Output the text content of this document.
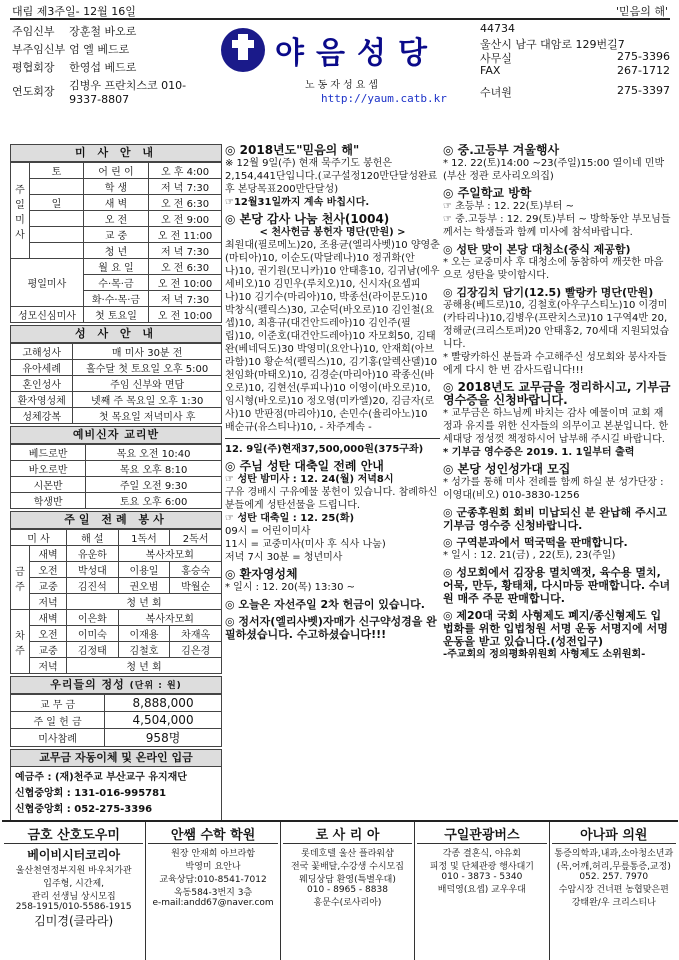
대림 제3주일- 12월 16일	'믿음의 해'
주임신부	장훈철 바오로
부주임신부	엄 엘 베드로
평협회장	한영섭 베드로
연도회장	김병우 프란치스코 010-9337-8807
야음성당
노동자성요셉
http://yaum.catb.kr
44734
울산시 남구 대암로 129번길7
사무실	275-3396
FAX	267-1712
수녀원	275-3397
미 사 안 내
주일미사	토	어 린 이	오 후 4:00
		학 생	저 녁 7:30
	일	새 벽	오 전 6:30
		오 전	오 전 9:00
		교 중	오 전 11:00
		청 년	저 녁 7:30
평일미사		월 요 일	오 전 6:30
		수·목·금	오 전 10:00
		화·수·목·금	저 녁 7:30
성모신심미사		첫 토요일	오 전 10:00
성 사 안 내
고해성사	매 미사 30분 전
유아세례	홀수달 첫 토요일 오후 5:00
혼인성사	주임 신부와 면담
환자영성체	넷째 주 목요일 오후 1:30
성체강복	첫 목요일 저녁미사 후
예비신자 교리반
베드로반	목요 오전 10:40
바오로반	목요 오후 8:10
시몬반	주일 오전 9:30
학생반	토요 오후 6:00
주일 전례 봉사
미 사		해 설	1독서	2독서
금주	새벽	유운하	복사자모회	
	오전	박성대	이용일	홍승숙
	교중	김진석	권오범	박월순
	저녁	청 년 회		
차주	새벽	이은화	복사자모회	
	오전	이미숙	이재용	차재옥
	교중	김정태	김철호	김은경
	저녁	청 년 회		
우리들의 정성 (단위 : 원)
교 무 금	8,888,000
주 일 헌 금	4,504,000
미사참례	958명
교무금 자동이체 및 온라인 입금
예금주 : (재)천주교 부산교구 유지재단
신협중앙회 : 131-016-995781
신협중앙회 : 052-275-3396
◎ 2018년도"믿음의 해"
※ 12월 9일(주) 현재 묵주기도 봉헌은2,154,441단입니다.(교구설정120만단달성완료후 본당목표200만단달성)
☞12월31일까지 계속 바칩시다.
◎ 본당 감사 나눔 천사(1004)
< 천사헌금 봉헌자 명단(만원) >
최원대(필로메노)20, 조용균(엘리사벳)10 양영춘(마티아)10, 이순도(막달레나)10 정귀화(안나)10, 권기원(모니카)10 안태흥10, 김귀남(에우세비오)10 김민우(루치오)10, 신시자(요셉피나)10 김기수(마리아)10, 박종선(라이문도)10 박창식(펠릭스)30, 고순덕(바오로)10 김인철(요셉)10, 최흥규(대건안드레아)10 김인주(필립)10, 이준호(대건안드레아)10 자모회50, 김태완(베네딕도)30 박영미(요안나)10, 안재희(아브라함)10 황순석(펠릭스)10, 김기홍(알렉산델)10 천임화(마태오)10, 김경순(마리아)10 곽종신(바오로)10, 김현선(루피나)10 이영이(바오로)10, 임시형(바오로)10 정오영(미카엘)20, 김금자(로사)10 반판점(마리아)10, 손민수(율리아노)10 배순규(유스티나)10, - 차주계속 -
12. 9일(주)현재37,500,000원(375구좌)
◎ 주님 성탄 대축일 전례 안내
☞ 성탄 밤미사 : 12. 24(월) 저녁8시
구유 경배시 구유예물 봉헌이 있습니다. 참례하신 분들에게 성탄선물을 드립니다.
☞ 성탄 대축일 : 12. 25(화)
09시 = 어린이미사
11시 = 교중미사(미사 후 식사 나눔)
저녁 7시 30분 = 청년미사
◎ 환자영성체
* 일시 : 12. 20(목) 13:30 ~
◎ 오늘은 자선주일 2차 헌금이 있습니다.
◎ 정서자(엘리사벳)자매가 신구약성경을 완필하셨습니다. 수고하셨습니다!!!
◎ 중.고등부 겨울행사
* 12. 22(토)14:00 ~23(주일)15:00 열이네 민박(부산 정관 로사리오의집)
◎ 주일학교 방학
☞ 초등부 : 12. 22(토)부터 ~
☞ 중.고등부 : 12. 29(토)부터 ~ 방학동안 부모님들께서는 학생들과 함께 미사에 참석바랍니다.
◎ 성탄 맞이 본당 대청소(중식 제공함)
* 오는 교중미사 후 대청소에 동참하여 깨끗한 마음으로 성탄을 맞이합시다.
◎ 김장김치 담기(12.5) 빨랑카 명단(만원)
공해용(베드로)10, 김철호(아우구스티노)10 이경미(카타리나)10,김병우(프란치스코)10 1구역4반 20, 정해균(크리스토퍼)20 안태홍2, 70세대 지원되었습니다.
* 빨랑카하신 분들과 수고해주신 성모회와 봉사자들에게 다시 한 번 감사드립니다!!!
◎ 2018년도 교무금을 정리하시고, 기부금 영수증을 신청바랍니다.
* 교무금은 하느님께 바치는 감사 예물이며 교회 재정과 유지를 위한 신자들의 의무이고 본분입니다. 한 세대당 정성껏 책정하시어 납부해 주시길 바랍니다.
* 기부금 영수증은 2019. 1. 1일부터 출력
◎ 본당 성인성가대 모집
* 성가를 통해 미사 전례를 함께 하실 분 성가단장 :이영대(비오) 010-3830-1256
◎ 군종후원회 회비 미납되신 분 완납해 주시고 기부금 영수증 신청바랍니다.
◎ 구역분과에서 떡국떡을 판매합니다.
* 일시 : 12. 21(금) , 22(토), 23(주일)
◎ 성모회에서 김장용 멸치액젓, 육수용 멸치, 어묵, 만두, 황태채, 다시마등 판매합니다. 수녀원 매주 주문 판매합니다.
◎ 제20대 국회 사형제도 폐지/종신형제도 입법화를 위한 입법청원 서명 운동 서명지에 서명 운동을 받고 있습니다.(성전입구)
-주교회의 정의평화위원회 사형제도 소위원회-
금호 산호도우미
베이비시터코리아
울산천연정부지원 바우처가관
입주형, 시간제,
관리 선생님 상시모집
258-1915/010-5586-1915
김미경(클라라)
안쌤 수학 학원
원장 안재희 아브라함
박영미 요안나
교육상담:010-8541-7012
옥동584-3번지 3층
e-mail:andd67@naver.com
로 사 리 아
롯데호텔 울산 플라워샵
전국 꽃배달,수강생 수시모집
웨딩상담 환영(특별우대)
010 - 8965 - 8838
홍문수(로사리아)
구일관광버스
각종 결혼식, 야유회
피정 및 단체관광 행사대기
010 - 3873 - 5340
배덕영(요셉) 교우우대
아나파 의원
통증의학과,내과,소아청소년과
(목,어깨,허리,무릎통증,교정)
052. 257. 7970
수암시장 건너편 농협맞은편
강태완/우 크리스티나
